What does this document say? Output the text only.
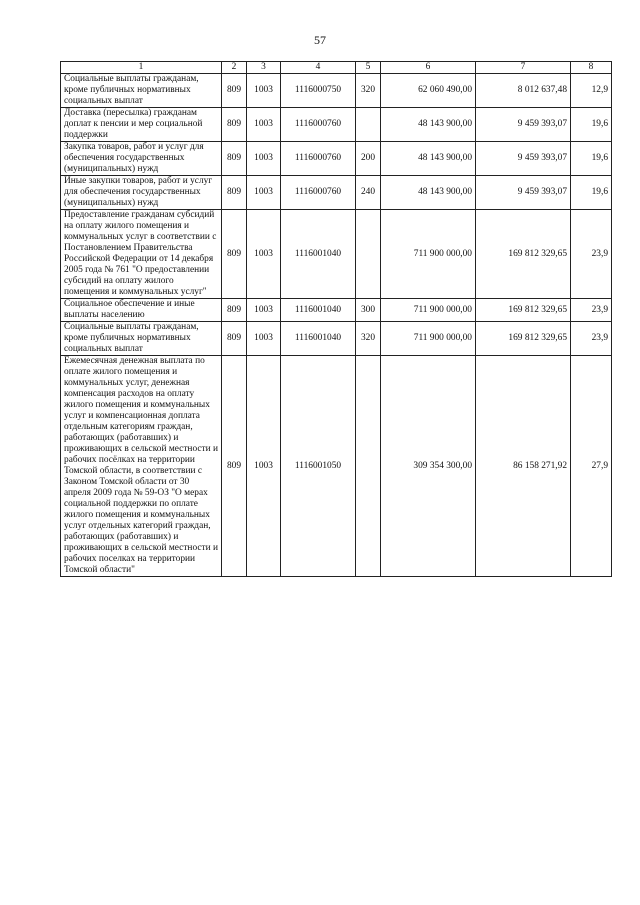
57
1	2	3	4	5	6	7	8
Социальные выплаты гражданам, кроме публичных нормативных социальных выплат	809	1003	1116000750	320	62 060 490,00	8 012 637,48	12,9
Доставка (пересылка) гражданам доплат к пенсии и мер социальной поддержки	809	1003	1116000760		48 143 900,00	9 459 393,07	19,6
Закупка товаров, работ и услуг для обеспечения государственных (муниципальных) нужд	809	1003	1116000760	200	48 143 900,00	9 459 393,07	19,6
Иные закупки товаров, работ и услуг для обеспечения государственных (муниципальных) нужд	809	1003	1116000760	240	48 143 900,00	9 459 393,07	19,6
Предоставление гражданам субсидий на оплату жилого помещения и коммунальных услуг в соответствии с Постановлением Правительства Российской Федерации от 14 декабря 2005 года № 761 "О предоставлении субсидий на оплату жилого помещения и коммунальных услуг"	809	1003	1116001040		711 900 000,00	169 812 329,65	23,9
Социальное обеспечение и иные выплаты населению	809	1003	1116001040	300	711 900 000,00	169 812 329,65	23,9
Социальные выплаты гражданам, кроме публичных нормативных социальных выплат	809	1003	1116001040	320	711 900 000,00	169 812 329,65	23,9
Ежемесячная денежная выплата по оплате жилого помещения и коммунальных услуг, денежная компенсация расходов на оплату жилого помещения и коммунальных услуг и компенсационная доплата отдельным категориям граждан, работающих (работавших) и проживающих в сельской местности и рабочих посёлках на территории Томской области, в соответствии с Законом Томской области от 30 апреля 2009 года № 59-ОЗ "О мерах социальной поддержки по оплате жилого помещения и коммунальных услуг отдельных категорий граждан, работающих (работавших) и проживающих в сельской местности и рабочих поселках на территории Томской области"	809	1003	1116001050		309 354 300,00	86 158 271,92	27,9
